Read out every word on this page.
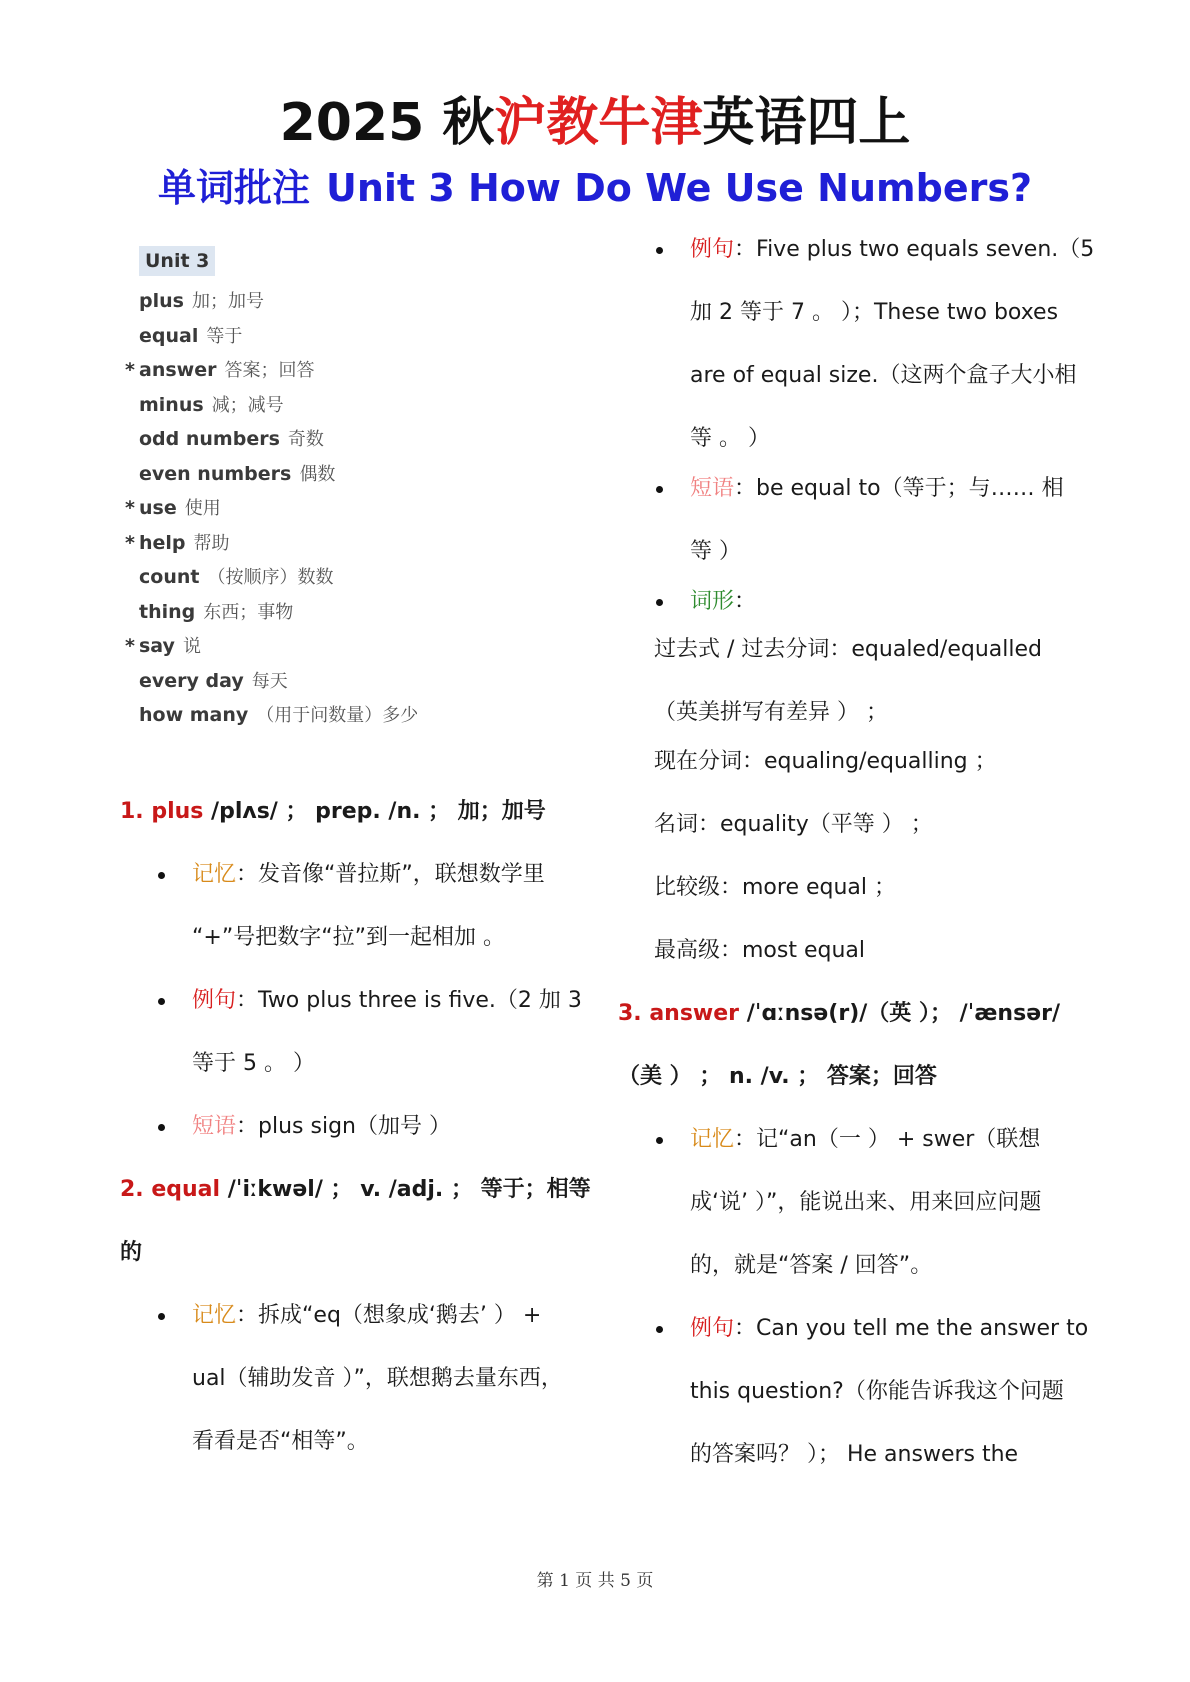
2025 秋沪教牛津英语四上
单词批注 Unit 3 How Do We Use Numbers?
Unit 3
plus 加；加号
equal 等于
* answer 答案；回答
minus 减；减号
odd numbers 奇数
even numbers 偶数
* use 使用
* help 帮助
count （按顺序）数数
thing 东西；事物
* say 说
every day 每天
how many （用于问数量）多少
1. plus /plʌs/ ； prep. /n. ； 加；加号
记忆：发音像“普拉斯”，联想数学里
“+”号把数字“拉”到一起相加 。
例句：Two plus three is five.（2 加 3
等于 5 。 ）
短语：plus sign（加号 ）
2. equal /ˈiːkwəl/ ； v. /adj. ； 等于；相等
的
记忆：拆成“eq（想象成‘鹅去’ ） +
ual（辅助发音 ）”，联想鹅去量东西，
看看是否“相等”。
例句：Five plus two equals seven.（5
加 2 等于 7 。 ）；These two boxes
are of equal size.（这两个盒子大小相
等 。 ）
短语：be equal to（等于；与…… 相
等 ）
词形：
过去式 / 过去分词：equaled/equalled
（英美拼写有差异 ） ；
现在分词：equaling/equalling ；
名词：equality（平等 ） ；
比较级：more equal ；
最高级：most equal
3. answer /ˈɑːnsə(r)/（英 ）； /ˈænsər/
（美 ） ； n. /v. ； 答案；回答
记忆：记“an（一 ） + swer（联想
成‘说’ ）”，能说出来、用来回应问题
的，就是“答案 / 回答”。
例句：Can you tell me the answer to
this question?（你能告诉我这个问题
的答案吗？ ）； He answers the
第 1 页 共 5 页
